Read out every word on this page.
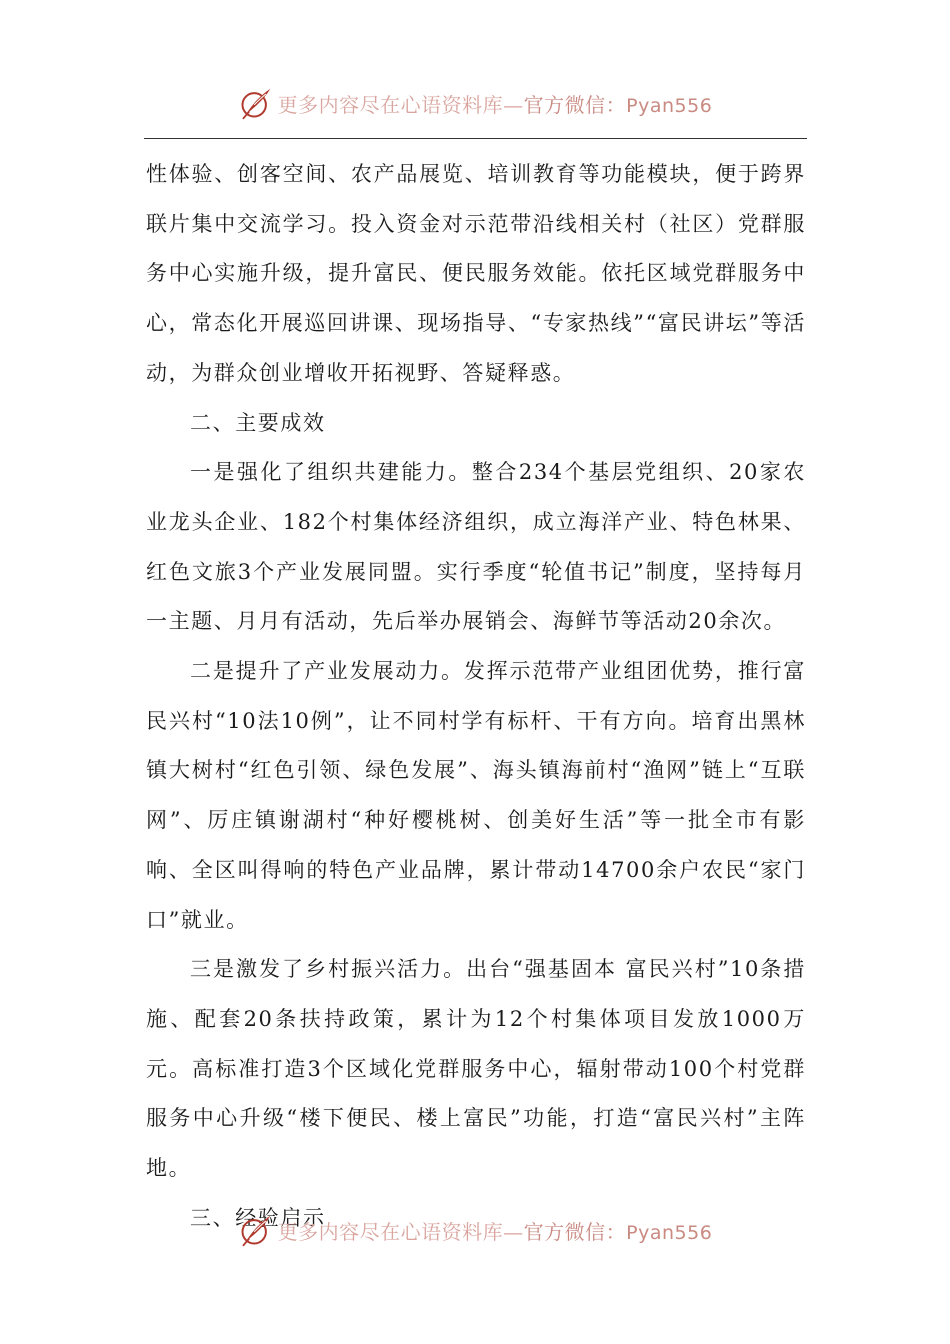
更多内容尽在心语资料库—官方微信：Pyan556

性体验、创客空间、农产品展览、培训教育等功能模块，便于跨界联片集中交流学习。投入资金对示范带沿线相关村（社区）党群服务中心实施升级，提升富民、便民服务效能。依托区域党群服务中心，常态化开展巡回讲课、现场指导、“专家热线”“富民讲坛”等活动，为群众创业增收开拓视野、答疑释惑。

二、主要成效

一是强化了组织共建能力。整合234个基层党组织、20家农业龙头企业、182个村集体经济组织，成立海洋产业、特色林果、红色文旅3个产业发展同盟。实行季度“轮值书记”制度，坚持每月一主题、月月有活动，先后举办展销会、海鲜节等活动20余次。

二是提升了产业发展动力。发挥示范带产业组团优势，推行富民兴村“10法10例”，让不同村学有标杆、干有方向。培育出黑林镇大树村“红色引领、绿色发展”、海头镇海前村“渔网”链上“互联网”、厉庄镇谢湖村“种好樱桃树、创美好生活”等一批全市有影响、全区叫得响的特色产业品牌，累计带动14700余户农民“家门口”就业。

三是激发了乡村振兴活力。出台“强基固本 富民兴村”10条措施、配套20条扶持政策，累计为12个村集体项目发放1000万元。高标准打造3个区域化党群服务中心，辐射带动100个村党群服务中心升级“楼下便民、楼上富民”功能，打造“富民兴村”主阵地。

三、经验启示

更多内容尽在心语资料库—官方微信：Pyan556
